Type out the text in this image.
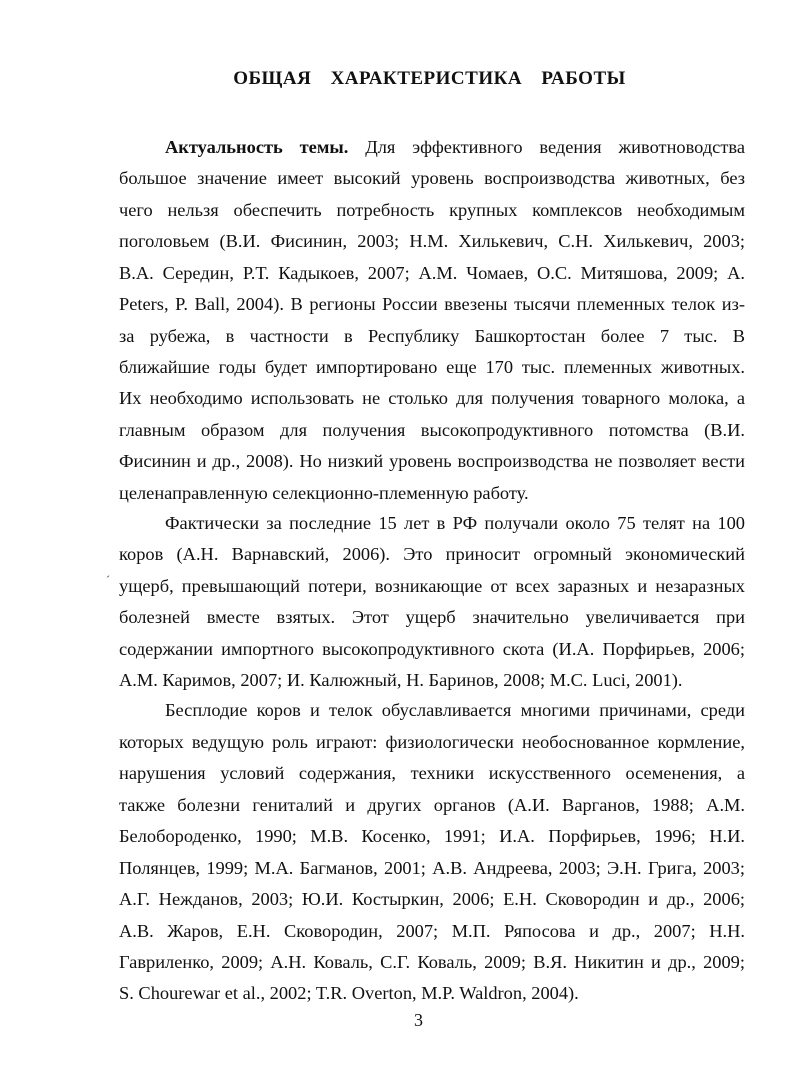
ОБЩАЯ ХАРАКТЕРИСТИКА РАБОТЫ
Актуальность темы. Для эффективного ведения животноводства
большое значение имеет высокий уровень воспроизводства животных, без
чего нельзя обеспечить потребность крупных комплексов необходимым
поголовьем (В.И. Фисинин, 2003; Н.М. Хилькевич, С.Н. Хилькевич, 2003;
В.А. Середин, Р.Т. Кадыкоев, 2007; А.М. Чомаев, О.С. Митяшова, 2009; А.
Peters, P. Ball, 2004). В регионы России ввезены тысячи племенных телок из-
за рубежа, в частности в Республику Башкортостан более 7 тыс. В
ближайшие годы будет импортировано еще 170 тыс. племенных животных.
Их необходимо использовать не столько для получения товарного молока, а
главным образом для получения высокопродуктивного потомства (В.И.
Фисинин и др., 2008). Но низкий уровень воспроизводства не позволяет вести
целенаправленную селекционно-племенную работу.
Фактически за последние 15 лет в РФ получали около 75 телят на 100
коров (А.Н. Варнавский, 2006). Это приносит огромный экономический
ущерб, превышающий потери, возникающие от всех заразных и незаразных
болезней вместе взятых. Этот ущерб значительно увеличивается при
содержании импортного высокопродуктивного скота (И.А. Порфирьев, 2006;
А.М. Каримов, 2007; И. Калюжный, Н. Баринов, 2008; M.C. Luci, 2001).
´
Бесплодие коров и телок обуславливается многими причинами, среди
которых ведущую роль играют: физиологически необоснованное кормление,
нарушения условий содержания, техники искусственного осеменения, а
также болезни гениталий и других органов (А.И. Варганов, 1988; А.М.
Белобороденко, 1990; М.В. Косенко, 1991; И.А. Порфирьев, 1996; Н.И.
Полянцев, 1999; М.А. Багманов, 2001; А.В. Андреева, 2003; Э.Н. Грига, 2003;
А.Г. Нежданов, 2003; Ю.И. Костыркин, 2006; Е.Н. Сковородин и др., 2006;
А.В. Жаров, Е.Н. Сковородин, 2007; М.П. Ряпосова и др., 2007; Н.Н.
Гавриленко, 2009; А.Н. Коваль, С.Г. Коваль, 2009; В.Я. Никитин и др., 2009;
S. Chourewar et al., 2002; T.R. Overton, M.P. Waldron, 2004).
3
